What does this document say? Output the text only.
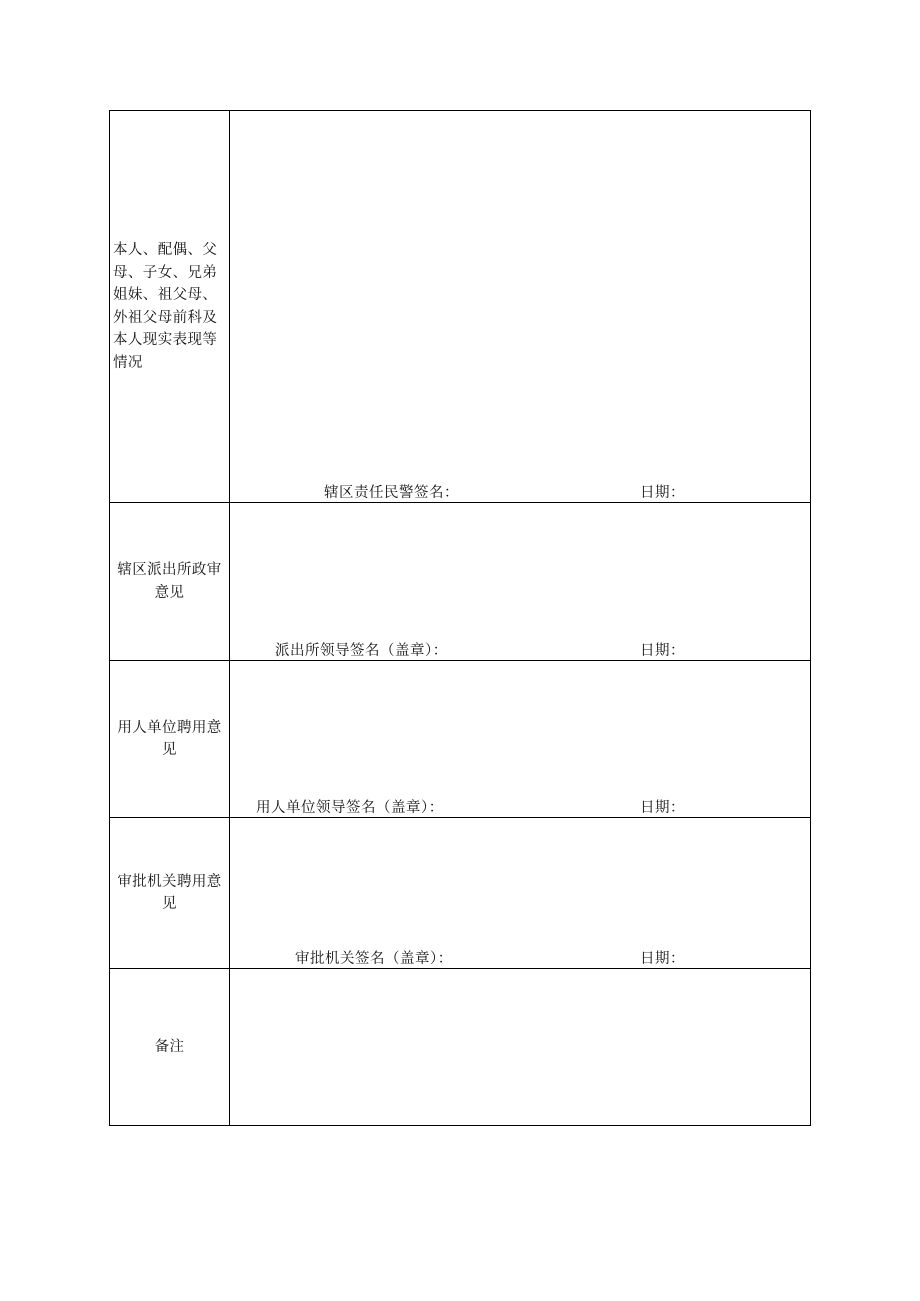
本人、配偶、父母、子女、兄弟姐妹、祖父母、外祖父母前科及本人现实表现等情况
辖区责任民警签名：	日期：
辖区派出所政审意见
派出所领导签名（盖章）：	日期：
用人单位聘用意见
用人单位领导签名（盖章）：	日期：
审批机关聘用意见
审批机关签名（盖章）：	日期：
备注
